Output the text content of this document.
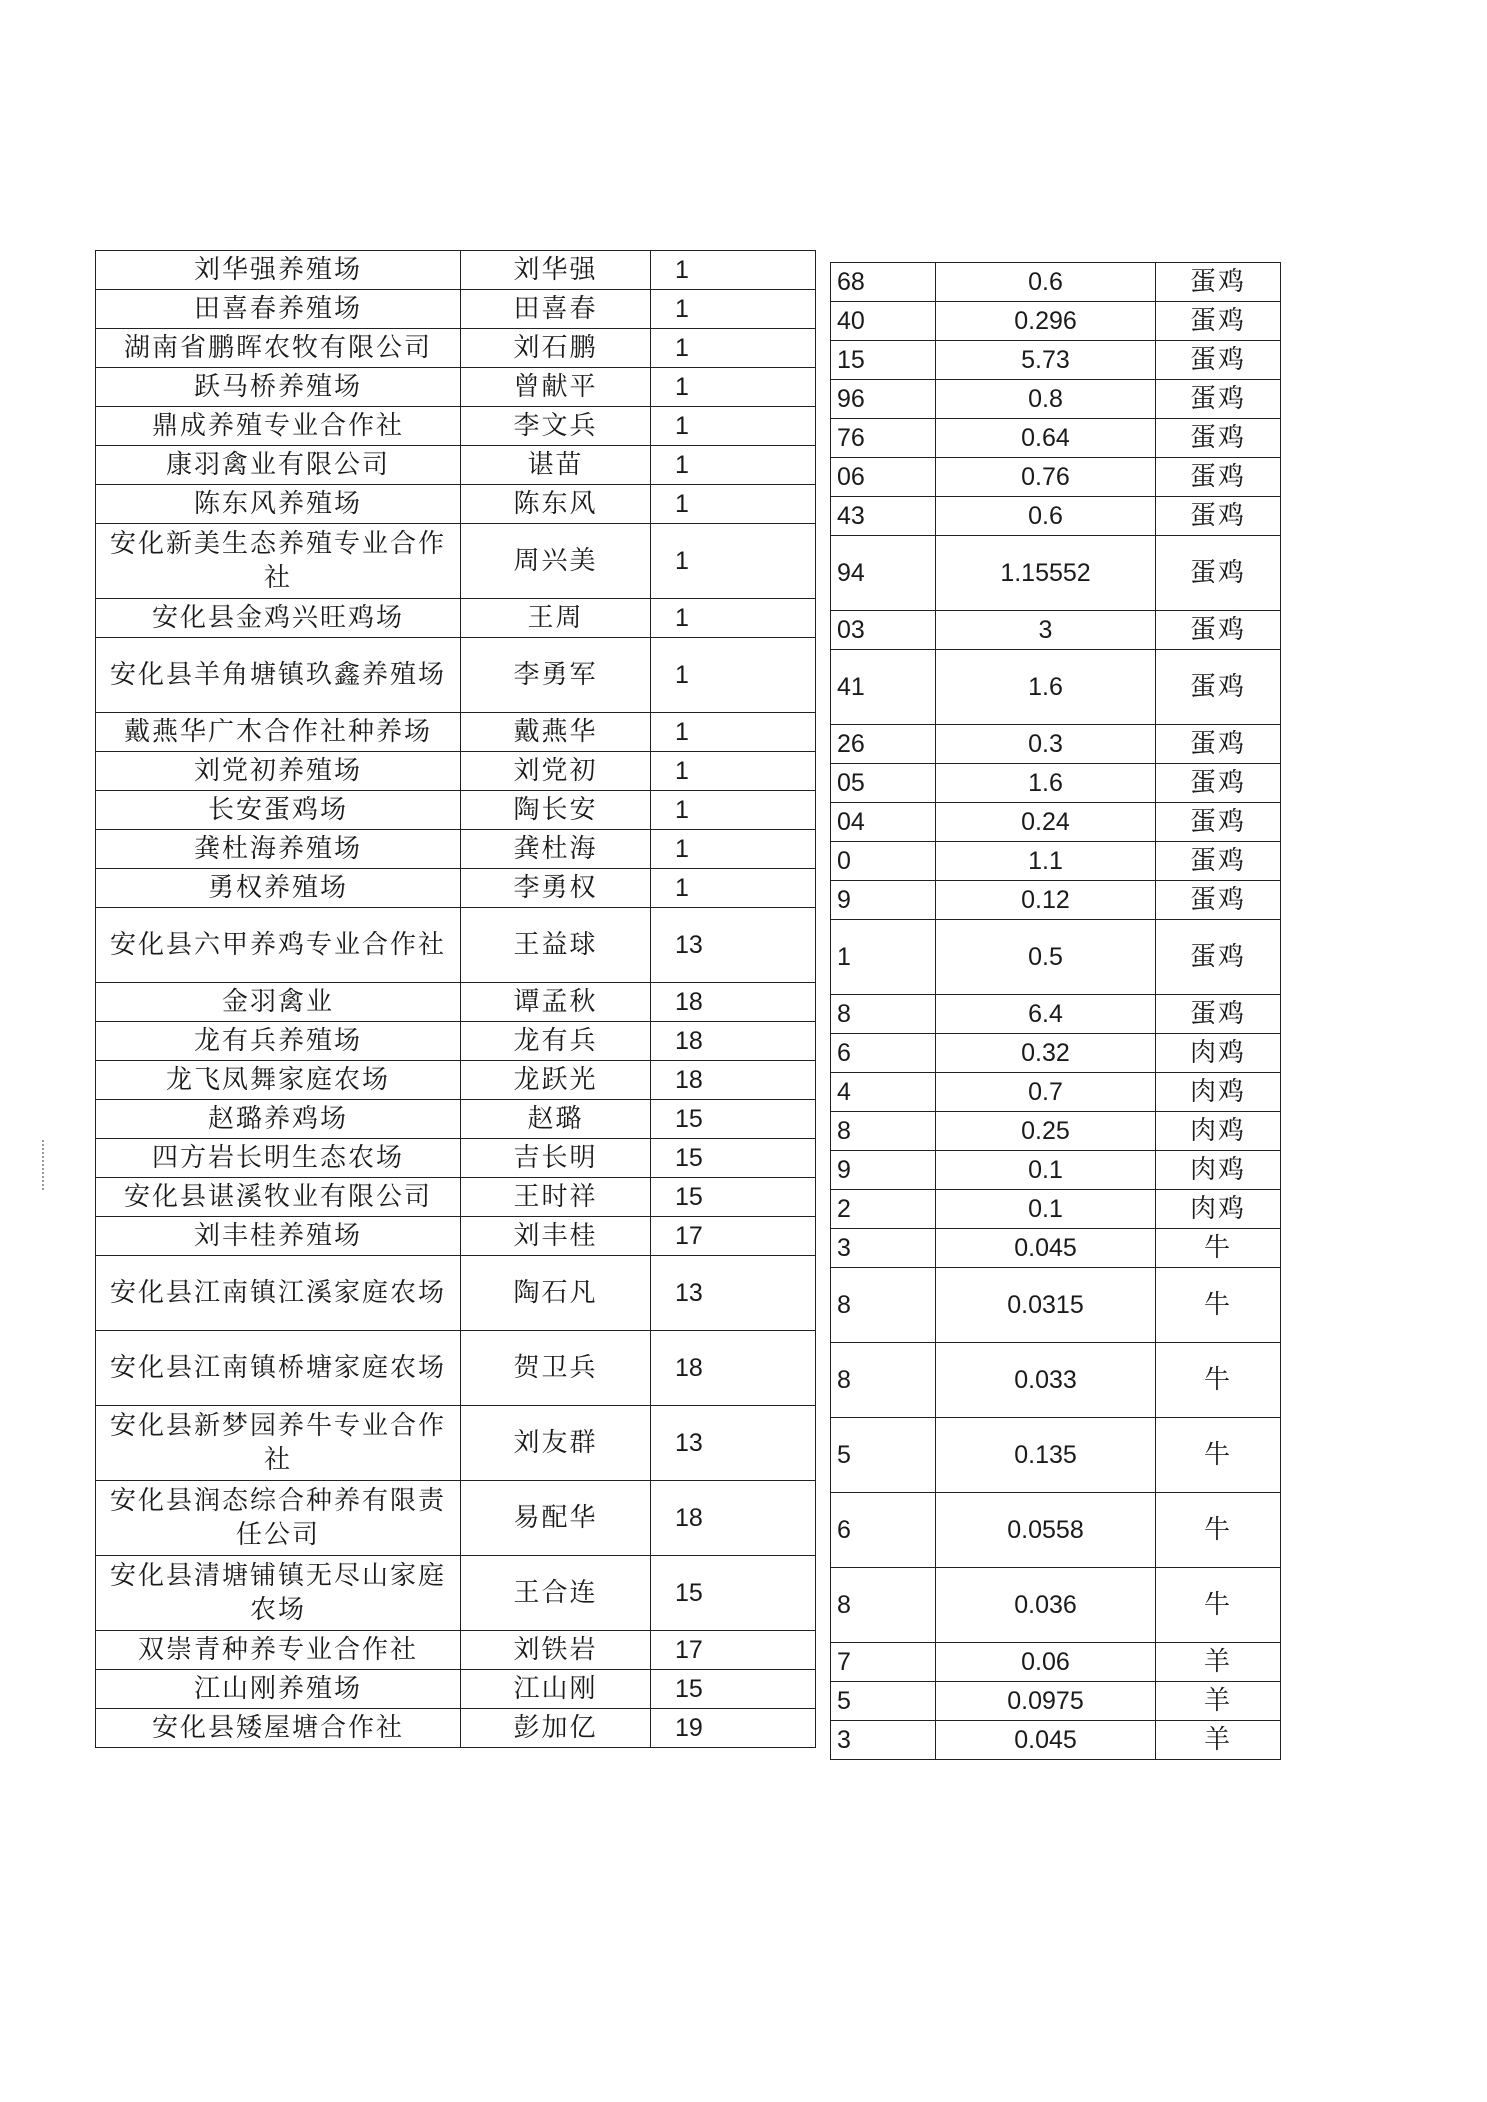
刘华强养殖场	刘华强	1
田喜春养殖场	田喜春	1
湖南省鹏晖农牧有限公司	刘石鹏	1
跃马桥养殖场	曾献平	1
鼎成养殖专业合作社	李文兵	1
康羽禽业有限公司	谌苗	1
陈东风养殖场	陈东风	1
安化新美生态养殖专业合作社	周兴美	1
安化县金鸡兴旺鸡场	王周	1
安化县羊角塘镇玖鑫养殖场	李勇军	1
戴燕华广木合作社种养场	戴燕华	1
刘党初养殖场	刘党初	1
长安蛋鸡场	陶长安	1
龚杜海养殖场	龚杜海	1
勇权养殖场	李勇权	1
安化县六甲养鸡专业合作社	王益球	13
金羽禽业	谭孟秋	18
龙有兵养殖场	龙有兵	18
龙飞凤舞家庭农场	龙跃光	18
赵璐养鸡场	赵璐	15
四方岩长明生态农场	吉长明	15
安化县谌溪牧业有限公司	王时祥	15
刘丰桂养殖场	刘丰桂	17
安化县江南镇江溪家庭农场	陶石凡	13
安化县江南镇桥塘家庭农场	贺卫兵	18
安化县新梦园养牛专业合作社	刘友群	13
安化县润态综合种养有限责任公司	易配华	18
安化县清塘铺镇无尽山家庭农场	王合连	15
双崇青种养专业合作社	刘铁岩	17
江山刚养殖场	江山刚	15
安化县矮屋塘合作社	彭加亿	19
68	0.6	蛋鸡
40	0.296	蛋鸡
15	5.73	蛋鸡
96	0.8	蛋鸡
76	0.64	蛋鸡
06	0.76	蛋鸡
43	0.6	蛋鸡
94	1.15552	蛋鸡
03	3	蛋鸡
41	1.6	蛋鸡
26	0.3	蛋鸡
05	1.6	蛋鸡
04	0.24	蛋鸡
0	1.1	蛋鸡
9	0.12	蛋鸡
1	0.5	蛋鸡
8	6.4	蛋鸡
6	0.32	肉鸡
4	0.7	肉鸡
8	0.25	肉鸡
9	0.1	肉鸡
2	0.1	肉鸡
3	0.045	牛
8	0.0315	牛
8	0.033	牛
5	0.135	牛
6	0.0558	牛
8	0.036	牛
7	0.06	羊
5	0.0975	羊
3	0.045	羊
